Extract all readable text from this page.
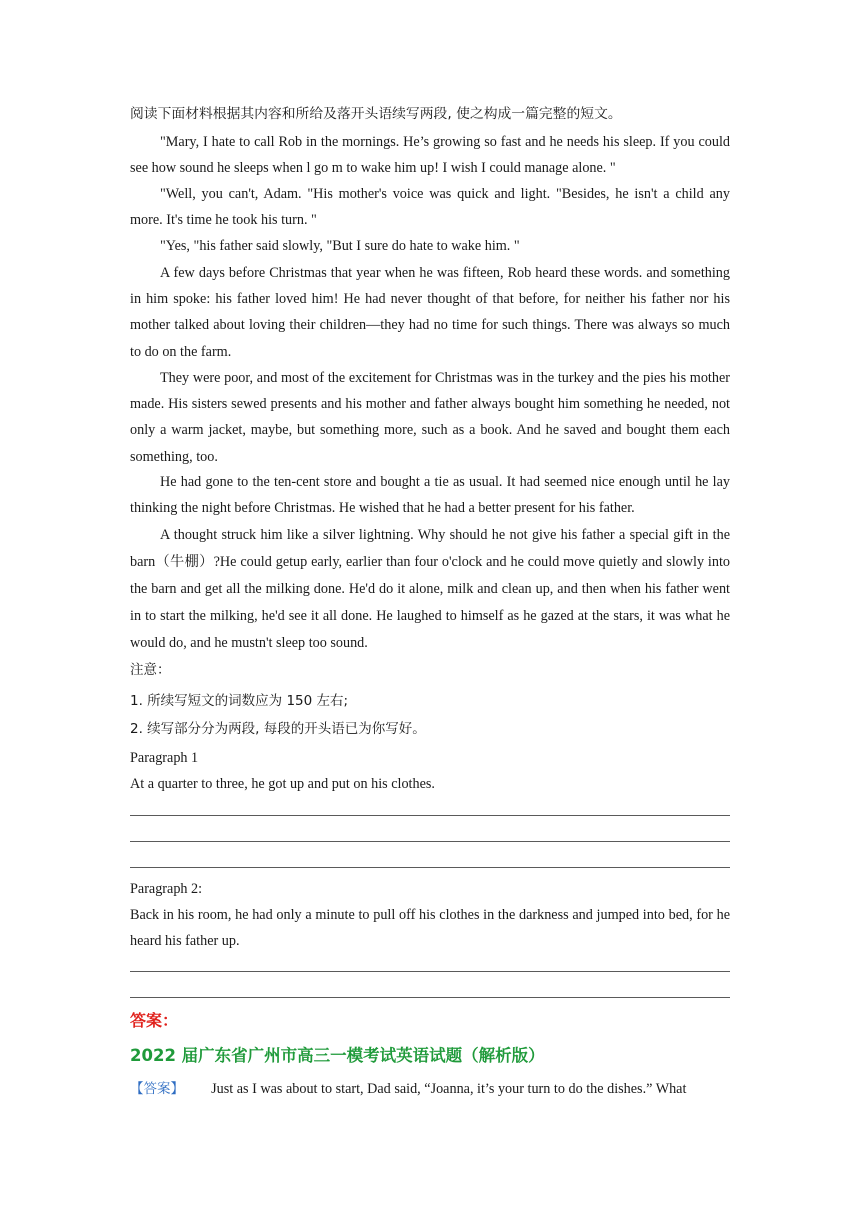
阅读下面材料根据其内容和所给及落开头语续写两段, 使之构成一篇完整的短文。
"Mary, I hate to call Rob in the mornings. He’s growing so fast and he needs his sleep. If you could see how sound he sleeps when l go m to wake him up! I wish I could manage alone. "
"Well, you can't, Adam. "His mother's voice was quick and light. "Besides, he isn't a child any more. It's time he took his turn. "
"Yes, "his father said slowly, "But I sure do hate to wake him. "
A few days before Christmas that year when he was fifteen, Rob heard these words. and something in him spoke: his father loved him! He had never thought of that before, for neither his father nor his mother talked about loving their children—they had no time for such things. There was always so much to do on the farm.
They were poor, and most of the excitement for Christmas was in the turkey and the pies his mother made. His sisters sewed presents and his mother and father always bought him something he needed, not only a warm jacket, maybe, but something more, such as a book. And he saved and bought them each something, too.
He had gone to the ten-cent store and bought a tie as usual. It had seemed nice enough until he lay thinking the night before Christmas. He wished that he had a better present for his father.
A thought struck him like a silver lightning. Why should he not give his father a special gift in the barn（牛棚）?He could getup early, earlier than four o'clock and he could move quietly and slowly into the barn and get all the milking done. He'd do it alone, milk and clean up, and then when his father went in to start the milking, he'd see it all done. He laughed to himself as he gazed at the stars, it was what he would do, and he mustn't sleep too sound.
注意：
1. 所续写短文的词数应为 150 左右;
2. 续写部分分为两段, 每段的开头语已为你写好。
Paragraph 1
At a quarter to three, he got up and put on his clothes.
Paragraph 2:
Back in his room, he had only a minute to pull off his clothes in the darkness and jumped into bed, for he heard his father up.
答案：
2022 届广东省广州市高三一模考试英语试题（解析版）
【答案】 Just as I was about to start, Dad said, “Joanna, it’s your turn to do the dishes.” What
